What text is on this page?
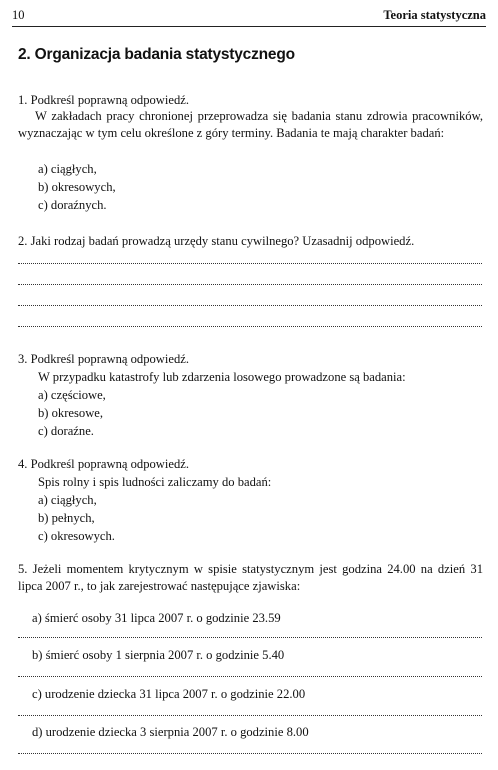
10	Teoria statystyczna
2. Organizacja badania statystycznego
1. Podkreśl poprawną odpowiedź.
W zakładach pracy chronionej przeprowadza się badania stanu zdrowia pracowników, wyznaczając w tym celu określone z góry terminy. Badania te mają charakter badań:
a) ciągłych,
b) okresowych,
c) doraźnych.
2. Jaki rodzaj badań prowadzą urzędy stanu cywilnego? Uzasadnij odpowiedź.
3. Podkreśl poprawną odpowiedź.
W przypadku katastrofy lub zdarzenia losowego prowadzone są badania:
a) częściowe,
b) okresowe,
c) doraźne.
4. Podkreśl poprawną odpowiedź.
Spis rolny i spis ludności zaliczamy do badań:
a) ciągłych,
b) pełnych,
c) okresowych.
5. Jeżeli momentem krytycznym w spisie statystycznym jest godzina 24.00 na dzień 31 lipca 2007 r., to jak zarejestrować następujące zjawiska:
a) śmierć osoby 31 lipca 2007 r. o godzinie 23.59
b) śmierć osoby 1 sierpnia 2007 r. o godzinie 5.40
c) urodzenie dziecka 31 lipca 2007 r. o godzinie 22.00
d) urodzenie dziecka 3 sierpnia 2007 r. o godzinie 8.00
